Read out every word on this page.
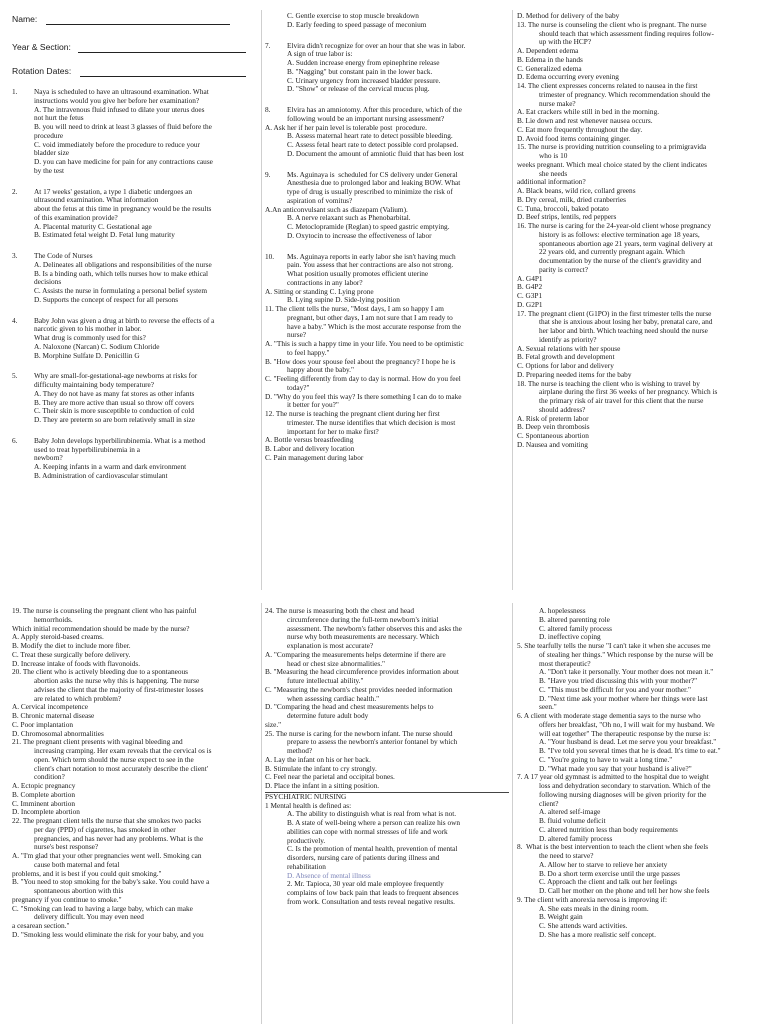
Name:
Year & Section:
Rotation Dates:
1. Naya is scheduled to have an ultrasound examination. What
instructions would you give her before her examination?
A. The intravenous fluid infused to dilate your uterus does
not hurt the fetus
B. you will need to drink at least 3 glasses of fluid before the
procedure
C. void immediately before the procedure to reduce your
bladder size
D. you can have medicine for pain for any contractions cause
by the test
2. At 17 weeks' gestation, a type 1 diabetic undergoes an
ultrasound examination. What information
about the fetus at this time in pregnancy would be the results
of this examination provide?
A. Placental maturity C. Gestational age
B. Estimated fetal weight D. Fetal lung maturity
3. The Code of Nurses
A. Delineates all obligations and responsibilities of the nurse
B. Is a binding oath, which tells nurses how to make ethical
decisions
C. Assists the nurse in formulating a personal belief system
D. Supports the concept of respect for all persons
4. Baby John was given a drug at birth to reverse the effects of a
narcotic given to his mother in labor.
What drug is commonly used for this?
A. Naloxone (Narcan) C. Sodium Chloride
B. Morphine Sulfate D. Penicillin G
5. Why are small-for-gestational-age newborns at risks for
difficulty maintaining body temperature?
A. They do not have as many fat stores as other infants
B. They are more active than usual so throw off covers
C. Their skin is more susceptible to conduction of cold
D. They are preterm so are born relatively small in size
6. Baby John develops hyperbilirubinemia. What is a method
used to treat hyperbilirubinemia in a
newborn?
A. Keeping infants in a warm and dark environment
B. Administration of cardiovascular stimulant
C. Gentle exercise to stop muscle breakdown
D. Early feeding to speed passage of meconium
7. Elvira didn't recognize for over an hour that she was in labor.
A sign of true labor is:
A. Sudden increase energy from epinephrine release
B. "Nagging" but constant pain in the lower back.
C. Urinary urgency from increased bladder pressure.
D. "Show" or release of the cervical mucus plug.
8. Elvira has an amniotomy. After this procedure, which of the
following would be an important nursing assessment?
A. Ask her if her pain level is tolerable post  procedure.
B. Assess maternal heart rate to detect possible bleeding.
C. Assess fetal heart rate to detect possible cord prolapsed.
D. Document the amount of amniotic fluid that has been lost
9. Ms. Aguinaya is  scheduled for CS delivery under General
Anesthesia due to prolonged labor and leaking BOW. What
type of drug is usually prescribed to minimize the risk of
aspiration of vomitus?
A.An anticonvulsant such as diazepam (Valium).
B. A nerve relaxant such as Phenobarbital.
C. Metoclopramide (Reglan) to speed gastric emptying.
D. Oxytocin to increase the effectiveness of labor
10. Ms. Aguinaya reports in early labor she isn't having much
pain. You assess that her contractions are also not strong.
What position usually promotes efficient uterine
contractions in any labor?
A. Sitting or standing C. Lying prone
B. Lying supine D. Side-lying position
11. The client tells the nurse, "Most days, I am so happy I am
pregnant, but other days, I am not sure that I am ready to
have a baby." Which is the most accurate response from the
nurse?
A. "This is such a happy time in your life. You need to be optimistic
to feel happy."
B. "How does your spouse feel about the pregnancy? I hope he is
happy about the baby."
C. "Feeling differently from day to day is normal. How do you feel
today?"
D. "Why do you feel this way? Is there something I can do to make
it better for you?"
12. The nurse is teaching the pregnant client during her first
trimester. The nurse identifies that which decision is most
important for her to make first?
A. Bottle versus breastfeeding
B. Labor and delivery location
C. Pain management during labor
D. Method for delivery of the baby
13. The nurse is counseling the client who is pregnant. The nurse
should teach that which assessment finding requires follow-
up with the HCP?
A. Dependent edema
B. Edema in the hands
C. Generalized edema
D. Edema occurring every evening
14. The client expresses concerns related to nausea in the first
trimester of pregnancy. Which recommendation should the
nurse make?
A. Eat crackers while still in bed in the morning.
B. Lie down and rest whenever nausea occurs.
C. Eat more frequently throughout the day.
D. Avoid food items containing ginger.
15. The nurse is providing nutrition counseling to a primigravida
who is 10
weeks pregnant. Which meal choice stated by the client indicates
she needs
additional information?
A. Black beans, wild rice, collard greens
B. Dry cereal, milk, dried cranberries
C. Tuna, broccoli, baked potato
D. Beef strips, lentils, red peppers
16. The nurse is caring for the 24-year-old client whose pregnancy
history is as follows: elective termination age 18 years,
spontaneous abortion age 21 years, term vaginal delivery at
22 years old, and currently pregnant again. Which
documentation by the nurse of the client's gravidity and
parity is correct?
A. G4P1
B. G4P2
C. G3P1
D. G2P1
17. The pregnant client (G1PO) in the first trimester tells the nurse
that she is anxious about losing her baby, prenatal care, and
her labor and birth. Which teaching need should the nurse
identify as priority?
A. Sexual relations with her spouse
B. Fetal growth and development
C. Options for labor and delivery
D. Preparing needed items for the baby
18. The nurse is teaching the client who is wishing to travel by
airplane during the first 36 weeks of her pregnancy. Which is
the primary risk of air travel for this client that the nurse
should address?
A. Risk of preterm labor
B. Deep vein thrombosis
C. Spontaneous abortion
D. Nausea and vomiting
19. The nurse is counseling the pregnant client who has painful
hemorrhoids.
Which initial recommendation should be made by the nurse?
A. Apply steroid-based creams.
B. Modify the diet to include more fiber.
C. Treat these surgically before delivery.
D. Increase intake of foods with flavonoids.
20. The client who is actively bleeding due to a spontaneous
abortion asks the nurse why this is happening. The nurse
advises the client that the majority of first-trimester losses
are related to which problem?
A. Cervical incompetence
B. Chronic maternal disease
C. Poor implantation
D. Chromosomal abnormalities
21. The pregnant client presents with vaginal bleeding and
increasing cramping. Her exam reveals that the cervical os is
open. Which term should the nurse expect to see in the
client's chart notation to most accurately describe the client'
condition?
A. Ectopic pregnancy
B. Complete abortion
C. Imminent abortion
D. Incomplete abortion
22. The pregnant client tells the nurse that she smokes two packs
per day (PPD) of cigarettes, has smoked in other
pregnancies, and has never had any problems. What is the
nurse's best response?
A. "I'm glad that your other pregnancies went well. Smoking can
cause both maternal and fetal
problems, and it is best if you could quit smoking."
B. "You need to stop smoking for the baby's sake. You could have a
spontaneous abortion with this
pregnancy if you continue to smoke."
C. "Smoking can lead to having a large baby, which can make
delivery difficult. You may even need
a cesarean section."
D. "Smoking less would eliminate the risk for your baby, and you
24. The nurse is measuring both the chest and head
circumference during the full-term newborn's initial
assessment. The newborn's father observes this and asks the
nurse why both measurements are necessary. Which
explanation is most accurate?
A. "Comparing the measurements helps determine if there are
head or chest size abnormalities."
B. "Measuring the head circumference provides information about
future intellectual ability."
C. "Measuring the newborn's chest provides needed information
when assessing cardiac health."
D. "Comparing the head and chest measurements helps to
determine future adult body
size."
25. The nurse is caring for the newborn infant. The nurse should
prepare to assess the newborn's anterior fontanel by which
method?
A. Lay the infant on his or her back.
B. Stimulate the infant to cry strongly.
C. Feel near the parietal and occipital bones.
D. Place the infant in a sitting position.
PSYCHIATRIC NURSING
1 Mental health is defined as:
A. The ability to distinguish what is real from what is not.
B. A state of well-being where a person can realize his own
abilities can cope with normal stresses of life and work
productively.
C. Is the promotion of mental health, prevention of mental
disorders, nursing care of patients during illness and
rehabilitation
D. Absence of mental illness
2. Mr. Tapioca, 30 year old male employee frequently
complains of low back pain that leads to frequent absences
from work. Consultation and tests reveal negative results.
A. hopelessness
B. altered parenting role
C. altered family process
D. ineffective coping
5. She tearfully tells the nurse "I can't take it when she accuses me
of stealing her things." Which response by the nurse will be
most therapeutic?
A. "Don't take it personally. Your mother does not mean it."
B. "Have you tried discussing this with your mother?"
C. "This must be difficult for you and your mother."
D. "Next time ask your mother where her things were last
seen."
6. A client with moderate stage dementia says to the nurse who
offers her breakfast, "Oh no, I will wait for my husband. We
will eat together" The therapeutic response by the nurse is:
A. "Your husband is dead. Let me serve you your breakfast."
B. "I've told you several times that he is dead. It's time to eat."
C. "You're going to have to wait a long time."
D. "What made you say that your husband is alive?"
7. A 17 year old gymnast is admitted to the hospital due to weight
loss and dehydration secondary to starvation. Which of the
following nursing diagnoses will be given priority for the
client?
A. altered self-image
B. fluid volume deficit
C. altered nutrition less than body requirements
D. altered family process
8.  What is the best intervention to teach the client when she feels
the need to starve?
A. Allow her to starve to relieve her anxiety
B. Do a short term exercise until the urge passes
C. Approach the client and talk out her feelings
D. Call her mother on the phone and tell her how she feels
9. The client with anorexia nervosa is improving if:
A. She eats meals in the dining room.
B. Weight gain
C. She attends ward activities.
D. She has a more realistic self concept.
